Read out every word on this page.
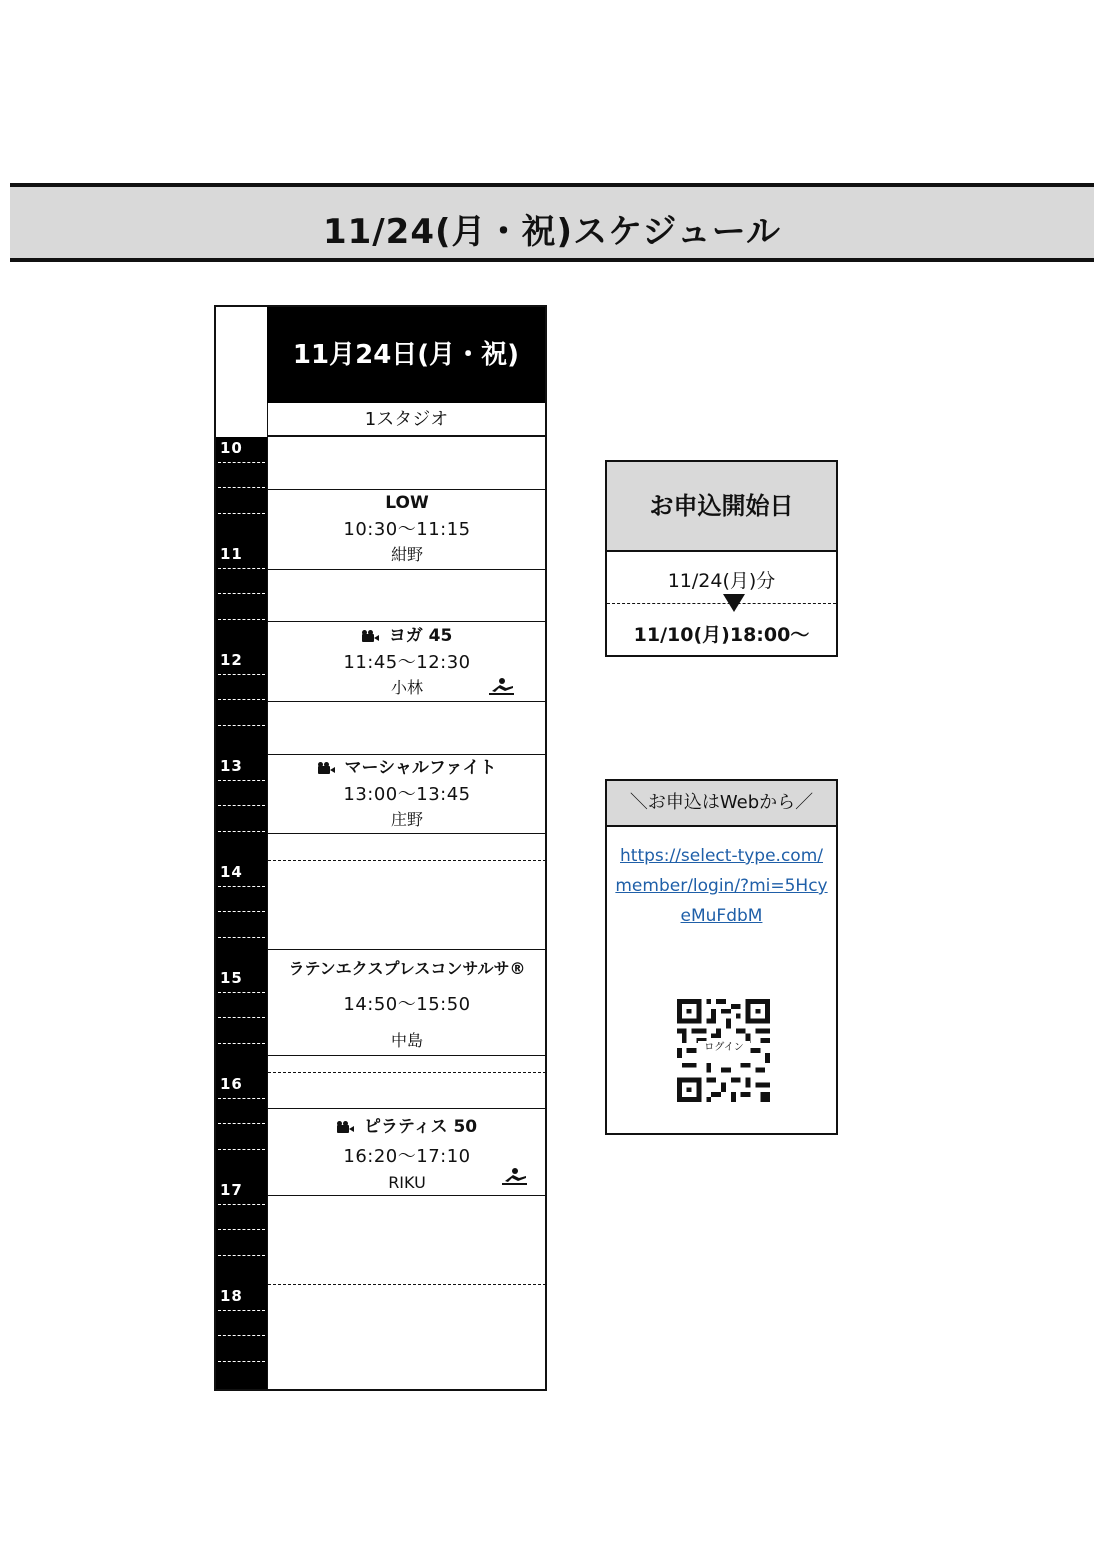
11/24(月・祝)スケジュール
11月24日(月・祝)
1スタジオ
10
11
12
13
14
15
16
17
18
LOW
10:30～11:15
紺野
ヨガ 45
11:45～12:30
小林
マーシャルファイト
13:00～13:45
庄野
ラテンエクスプレスコンサルサ®
14:50～15:50
中島
ピラティス 50
16:20～17:10
RIKU
お申込開始日
11/24(月)分
11/10(月)18:00～
＼お申込はWebから／
https://select-type.com/member/login/?mi=5HcyeMuFdbM
ログイン
